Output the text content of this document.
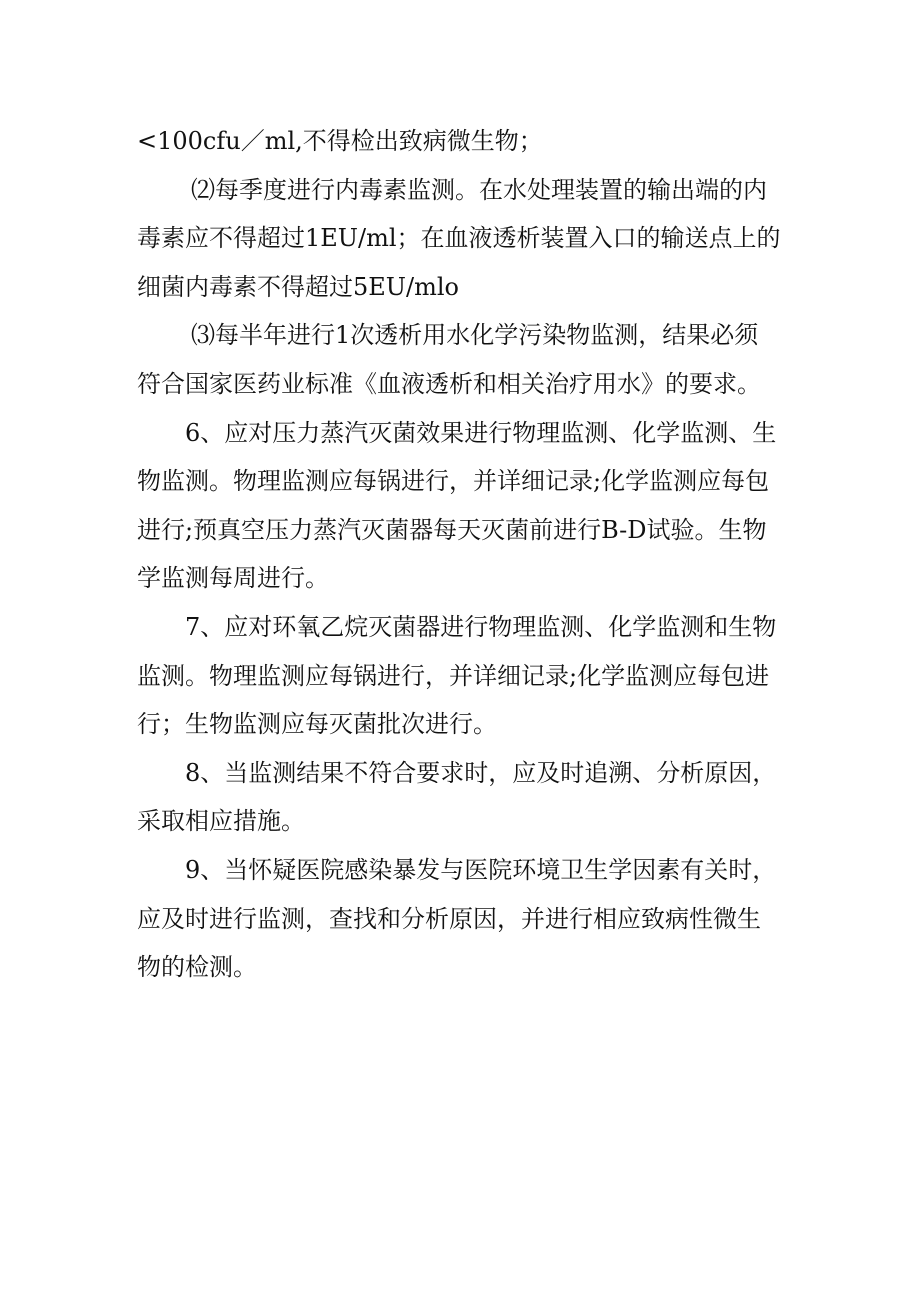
<100cfu／ml,不得检出致病微生物；
⑵每季度进行内毒素监测。在水处理装置的输出端的内
毒素应不得超过1EU/ml；在血液透析装置入口的输送点上的
细菌内毒素不得超过5EU/mlo
⑶每半年进行1次透析用水化学污染物监测，结果必须
符合国家医药业标准《血液透析和相关治疗用水》的要求。
6、应对压力蒸汽灭菌效果进行物理监测、化学监测、生
物监测。物理监测应每锅进行，并详细记录;化学监测应每包
进行;预真空压力蒸汽灭菌器每天灭菌前进行B-D试验。生物
学监测每周进行。
7、应对环氧乙烷灭菌器进行物理监测、化学监测和生物
监测。物理监测应每锅进行，并详细记录;化学监测应每包进
行；生物监测应每灭菌批次进行。
8、当监测结果不符合要求时，应及时追溯、分析原因，
采取相应措施。
9、当怀疑医院感染暴发与医院环境卫生学因素有关时，
应及时进行监测，查找和分析原因，并进行相应致病性微生
物的检测。
